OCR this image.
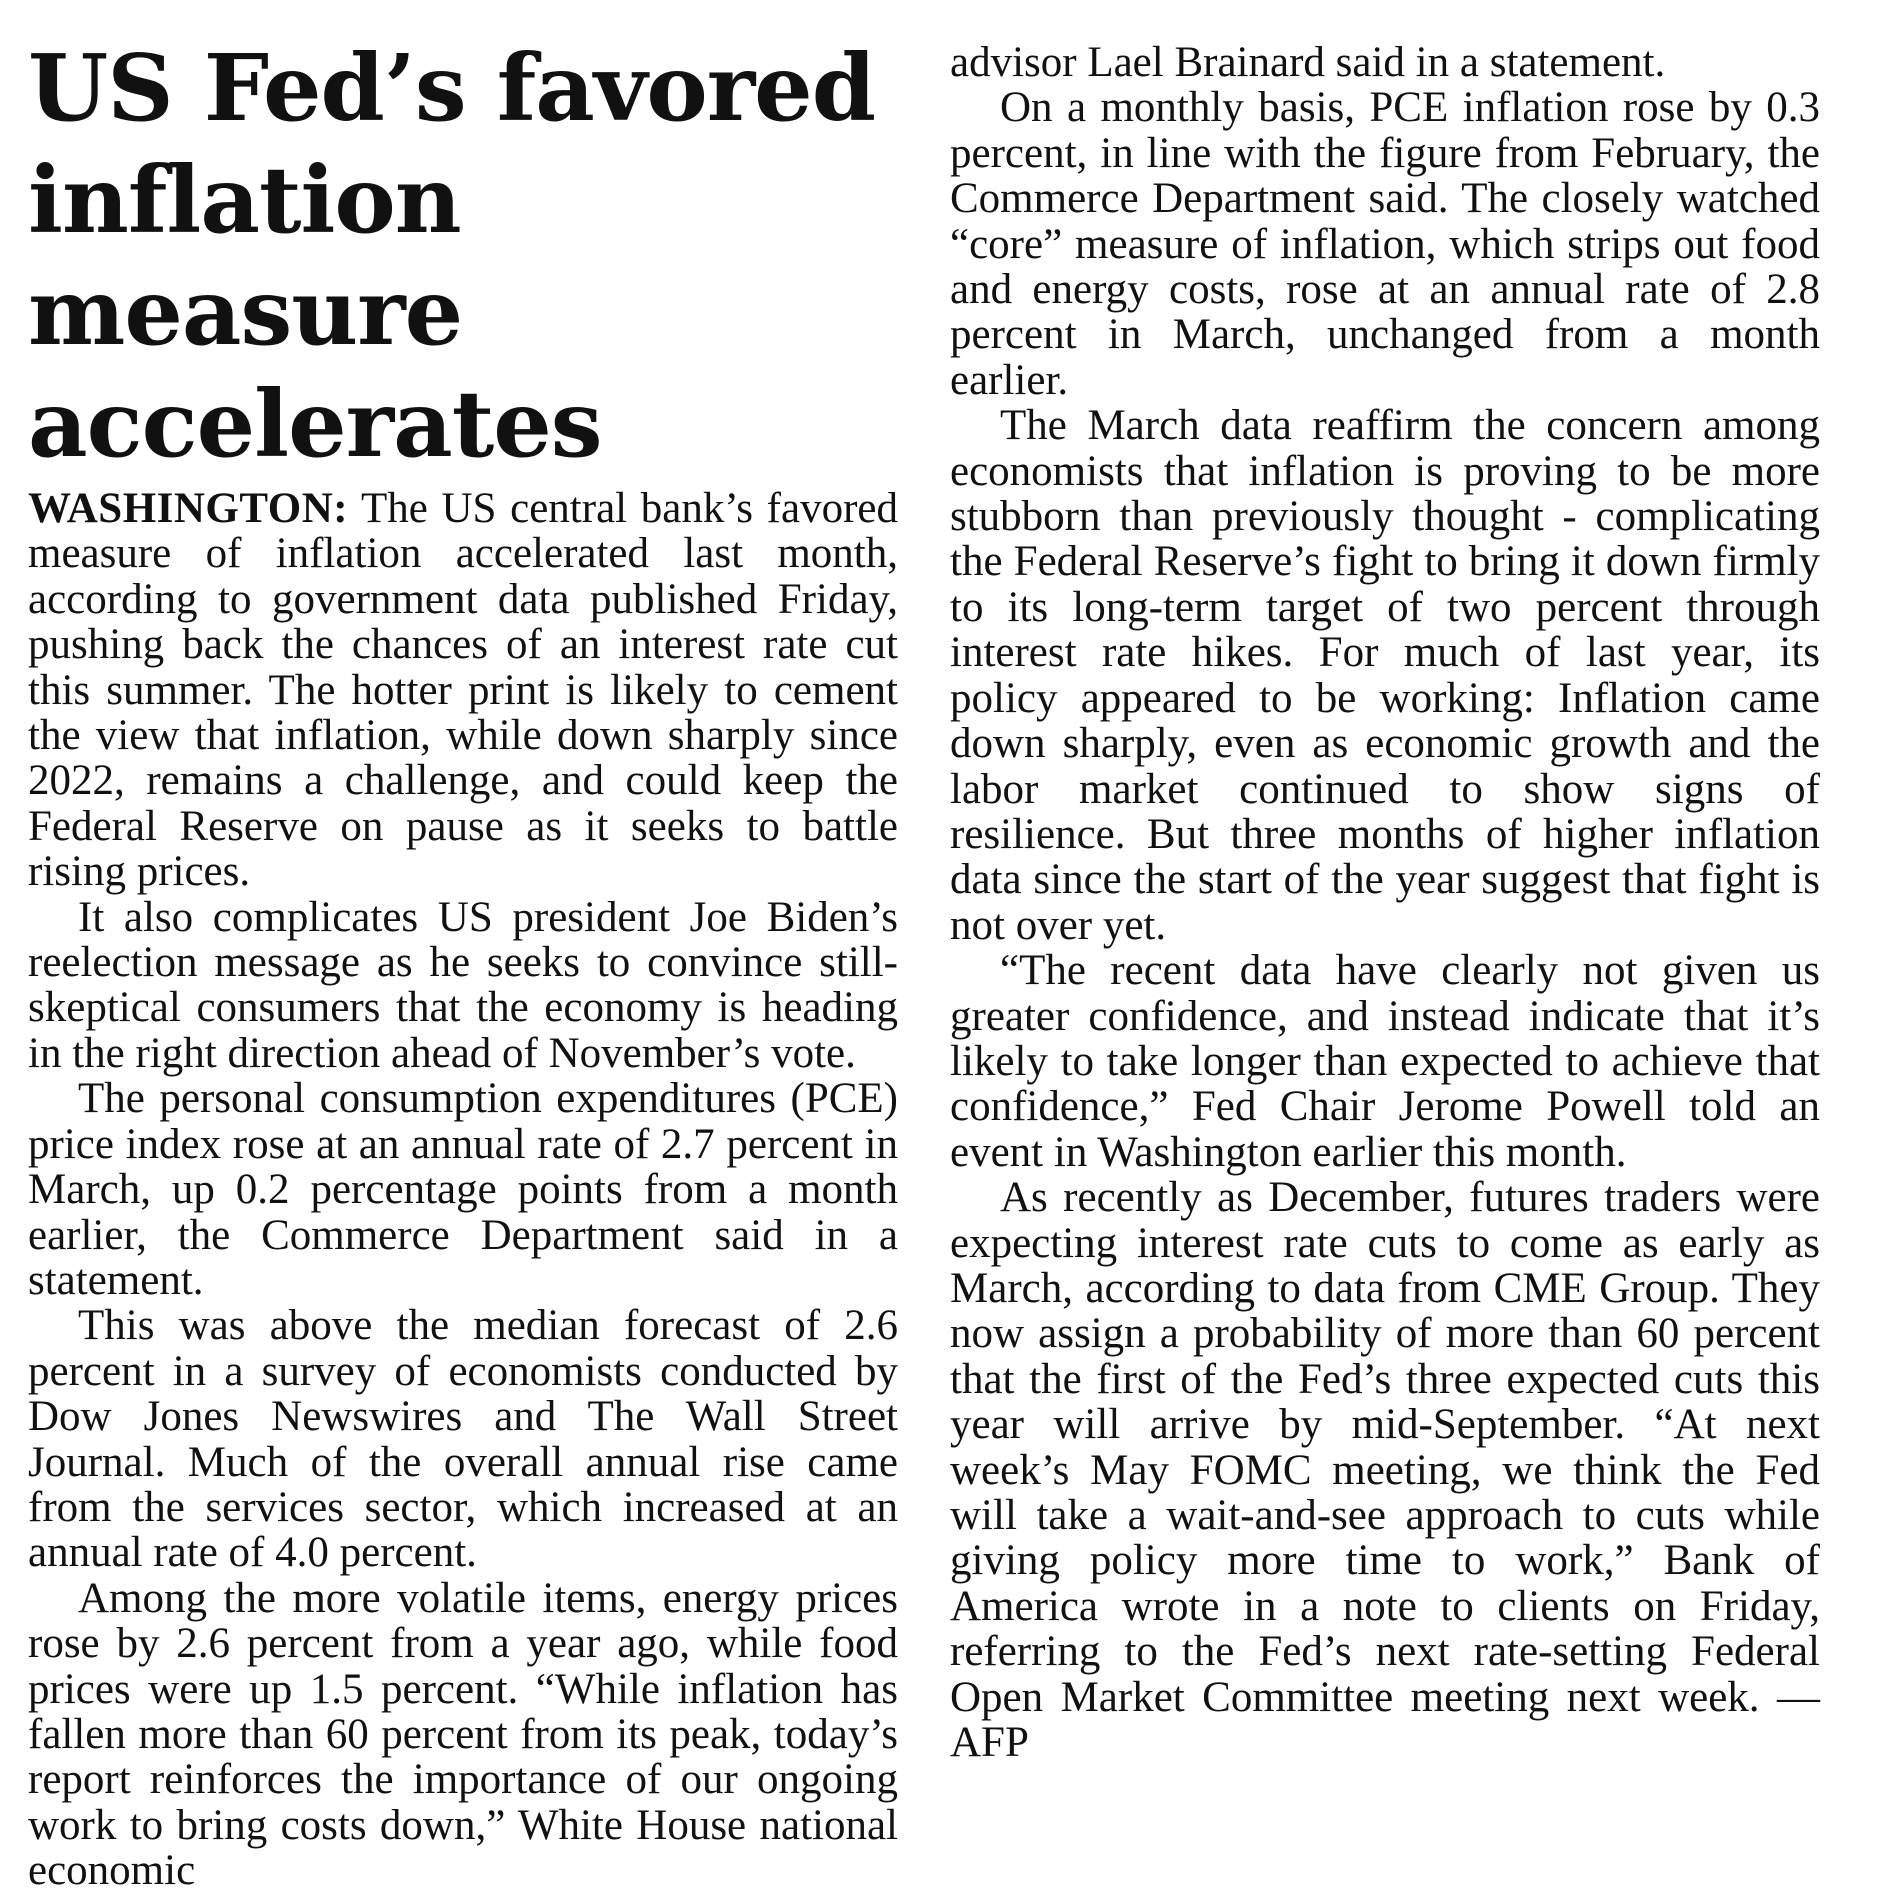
US Fed’s favored inflation measure accelerates

WASHINGTON: The US central bank’s favored measure of inflation accelerated last month, according to government data published Friday, pushing back the chances of an interest rate cut this summer. The hotter print is likely to cement the view that inflation, while down sharply since 2022, remains a challenge, and could keep the Federal Reserve on pause as it seeks to battle rising prices.

It also complicates US president Joe Biden’s reelection message as he seeks to convince still-skeptical consumers that the economy is heading in the right direction ahead of November’s vote.

The personal consumption expenditures (PCE) price index rose at an annual rate of 2.7 percent in March, up 0.2 percentage points from a month earlier, the Commerce Department said in a statement.

This was above the median forecast of 2.6 percent in a survey of economists conducted by Dow Jones Newswires and The Wall Street Journal. Much of the overall annual rise came from the services sector, which increased at an annual rate of 4.0 percent.

Among the more volatile items, energy prices rose by 2.6 percent from a year ago, while food prices were up 1.5 percent. “While inflation has fallen more than 60 percent from its peak, today’s report reinforces the importance of our ongoing work to bring costs down,” White House national economic

advisor Lael Brainard said in a statement.

On a monthly basis, PCE inflation rose by 0.3 percent, in line with the figure from February, the Commerce Department said. The closely watched “core” measure of inflation, which strips out food and energy costs, rose at an annual rate of 2.8 percent in March, unchanged from a month earlier.

The March data reaffirm the concern among economists that inflation is proving to be more stubborn than previously thought - complicating the Federal Reserve’s fight to bring it down firmly to its long-term target of two percent through interest rate hikes. For much of last year, its policy appeared to be working: Inflation came down sharply, even as economic growth and the labor market continued to show signs of resilience. But three months of higher inflation data since the start of the year suggest that fight is not over yet.

“The recent data have clearly not given us greater confidence, and instead indicate that it’s likely to take longer than expected to achieve that confidence,” Fed Chair Jerome Powell told an event in Washington earlier this month.

As recently as December, futures traders were expecting interest rate cuts to come as early as March, according to data from CME Group. They now assign a probability of more than 60 percent that the first of the Fed’s three expected cuts this year will arrive by mid-September. “At next week’s May FOMC meeting, we think the Fed will take a wait-and-see approach to cuts while giving policy more time to work,” Bank of America wrote in a note to clients on Friday, referring to the Fed’s next rate-setting Federal Open Market Committee meeting next week. — AFP
